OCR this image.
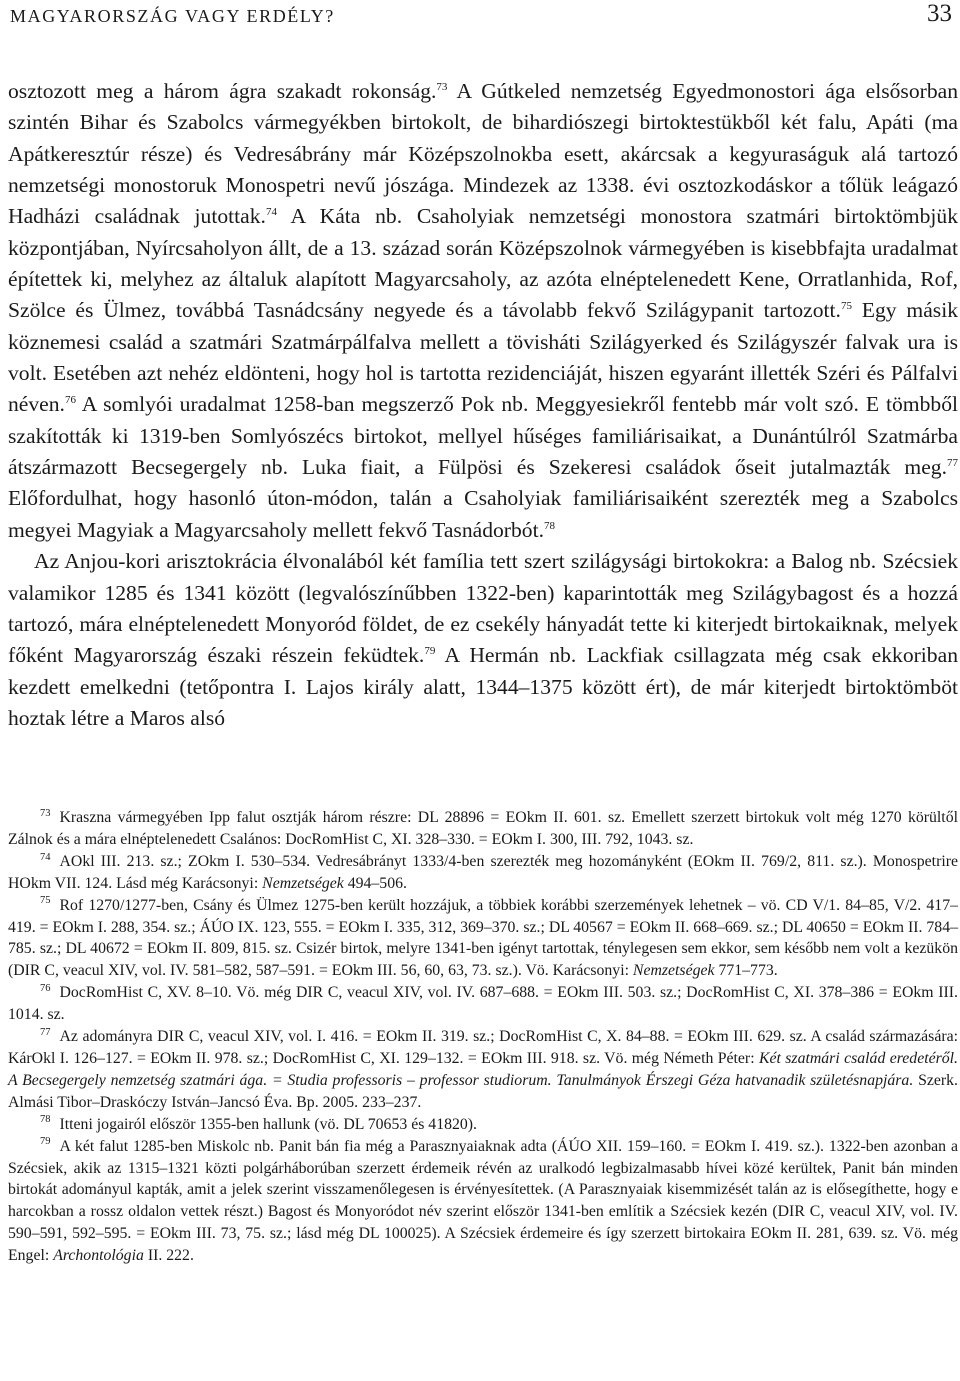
MAGYARORSZÁG VAGY ERDÉLY?	33

osztozott meg a három ágra szakadt rokonság.$^{73}$ A Gútkeled nemzetség Egyedmonostori ága elsősorban szintén Bihar és Szabolcs vármegyékben birtokolt, de bihardiószegi birtoktestükből két falu, Apáti (ma Apátkeresztúr része) és Vedresábrány már Középszolnokba esett, akárcsak a kegyuraságuk alá tartozó nemzetségi monostoruk Monospetri nevű jószága. Mindezek az 1338. évi osztozkodáskor a tőlük leágazó Hadházi családnak jutottak.$^{74}$ A Káta nb. Csaholyiak nemzetségi monostora szatmári birtoktömbjük központjában, Nyírcsaholyon állt, de a 13. század során Középszolnok vármegyében is kisebbfajta uradalmat építettek ki, melyhez az általuk alapított Magyarcsaholy, az azóta elnéptelenedett Kene, Orratlanhida, Rof, Szölce és Ülmez, továbbá Tasnádcsány negyede és a távolabb fekvő Szilágypanit tartozott.$^{75}$ Egy másik köznemesi család a szatmári Szatmárpálfalva mellett a tövisháti Szilágyerked és Szilágyszér falvak ura is volt. Esetében azt nehéz eldönteni, hogy hol is tartotta rezidenciáját, hiszen egyaránt illették Széri és Pálfalvi néven.$^{76}$ A somlyói uradalmat 1258-ban megszerző Pok nb. Meggyesiekről fentebb már volt szó. E tömbből szakították ki 1319-ben Somlyószécs birtokot, mellyel hűséges familiárisaikat, a Dunántúlról Szatmárba átszármazott Becsegergely nb. Luka fiait, a Fülpösi és Szekeresi családok őseit jutalmazták meg.$^{77}$ Előfordulhat, hogy hasonló úton-módon, talán a Csaholyiak familiárisaiként szerezték meg a Szabolcs megyei Magyiak a Magyarcsaholy mellett fekvő Tasnádorbót.$^{78}$

Az Anjou-kori arisztokrácia élvonalából két família tett szert szilágysági birtokokra: a Balog nb. Szécsiek valamikor 1285 és 1341 között (legvalószínűbben 1322-ben) kaparintották meg Szilágybagost és a hozzá tartozó, mára elnéptelenedett Monyoród földet, de ez csekély hányadát tette ki kiterjedt birtokaiknak, melyek főként Magyarország északi részein feküdtek.$^{79}$ A Hermán nb. Lackfiak csillagzata még csak ekkoriban kezdett emelkedni (tetőpontra I. Lajos király alatt, 1344–1375 között ért), de már kiterjedt birtoktömböt hoztak létre a Maros alsó

$^{73}$ Kraszna vármegyében Ipp falut osztják három részre: DL 28896 = EOkm II. 601. sz. Emellett szerzett birtokuk volt még 1270 körültől Zálnok és a mára elnéptelenedett Csalános: DocRomHist C, XI. 328–330. = EOkm I. 300, III. 792, 1043. sz.

$^{74}$ AOkl III. 213. sz.; ZOkm I. 530–534. Vedresábrányt 1333/4-ben szerezték meg hozományként (EOkm II. 769/2, 811. sz.). Monospetrire HOkm VII. 124. Lásd még Karácsonyi: Nemzetségek 494–506.

$^{75}$ Rof 1270/1277-ben, Csány és Ülmez 1275-ben került hozzájuk, a többiek korábbi szerzemények lehetnek – vö. CD V/1. 84–85, V/2. 417–419. = EOkm I. 288, 354. sz.; ÁÚO IX. 123, 555. = EOkm I. 335, 312, 369–370. sz.; DL 40567 = EOkm II. 668–669. sz.; DL 40650 = EOkm II. 784–785. sz.; DL 40672 = EOkm II. 809, 815. sz. Csizér birtok, melyre 1341-ben igényt tartottak, ténylegesen sem ekkor, sem később nem volt a kezükön (DIR C, veacul XIV, vol. IV. 581–582, 587–591. = EOkm III. 56, 60, 63, 73. sz.). Vö. Karácsonyi: Nemzetségek 771–773.

$^{76}$ DocRomHist C, XV. 8–10. Vö. még DIR C, veacul XIV, vol. IV. 687–688. = EOkm III. 503. sz.; DocRomHist C, XI. 378–386 = EOkm III. 1014. sz.

$^{77}$ Az adományra DIR C, veacul XIV, vol. I. 416. = EOkm II. 319. sz.; DocRomHist C, X. 84–88. = EOkm III. 629. sz. A család származására: KárOkl I. 126–127. = EOkm II. 978. sz.; DocRomHist C, XI. 129–132. = EOkm III. 918. sz. Vö. még Németh Péter: Két szatmári család eredetéről. A Becsegergely nemzetség szatmári ága. = Studia professoris – professor studiorum. Tanulmányok Érszegi Géza hatvanadik születésnapjára. Szerk. Almási Tibor–Draskóczy István–Jancsó Éva. Bp. 2005. 233–237.

$^{78}$ Itteni jogairól először 1355-ben hallunk (vö. DL 70653 és 41820).

$^{79}$ A két falut 1285-ben Miskolc nb. Panit bán fia még a Parasznyaiaknak adta (ÁÚO XII. 159–160. = EOkm I. 419. sz.). 1322-ben azonban a Szécsiek, akik az 1315–1321 közti polgárháborúban szerzett érdemeik révén az uralkodó legbizalmasabb hívei közé kerültek, Panit bán minden birtokát adományul kapták, amit a jelek szerint visszamenőlegesen is érvényesítettek. (A Parasznyaiak kisemmizését talán az is elősegíthette, hogy e harcokban a rossz oldalon vettek részt.) Bagost és Monyoródot név szerint először 1341-ben említik a Szécsiek kezén (DIR C, veacul XIV, vol. IV. 590–591, 592–595. = EOkm III. 73, 75. sz.; lásd még DL 100025). A Szécsiek érdemeire és így szerzett birtokaira EOkm II. 281, 639. sz. Vö. még Engel: Archontológia II. 222.
